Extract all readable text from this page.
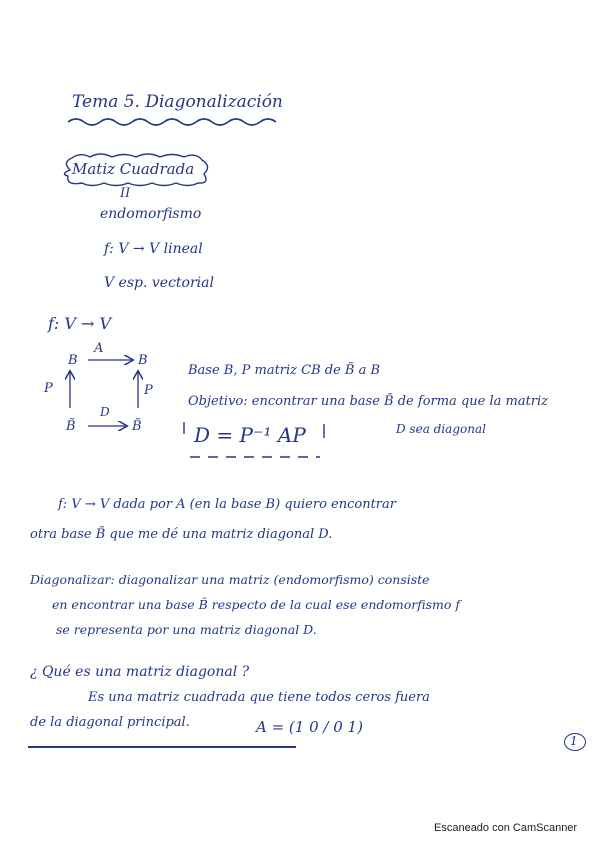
Tema 5. Diagonalización
Matiz Cuadrada
II
endomorfismo
f: V → V lineal
V esp. vectorial
f: V → V
A
B	B
P	P
D
B̃	B̃
Base B, P matriz CB de B̃ a B
Objetivo: encontrar una base B̃ de forma que la matriz
D sea diagonal
D = P⁻¹ AP
f: V → V dada por A (en la base B) quiero encontrar
otra base B̃ que me dé una matriz diagonal D.
Diagonalizar: diagonalizar una matriz (endomorfismo) consiste
en encontrar una base B̃ respecto de la cual ese endomorfismo f
se representa por una matriz diagonal D.
¿ Qué es una matriz diagonal ?
Es una matriz cuadrada que tiene todos ceros fuera
de la diagonal principal.	A = (1 0 / 0 1)
1
Escaneado con CamScanner
